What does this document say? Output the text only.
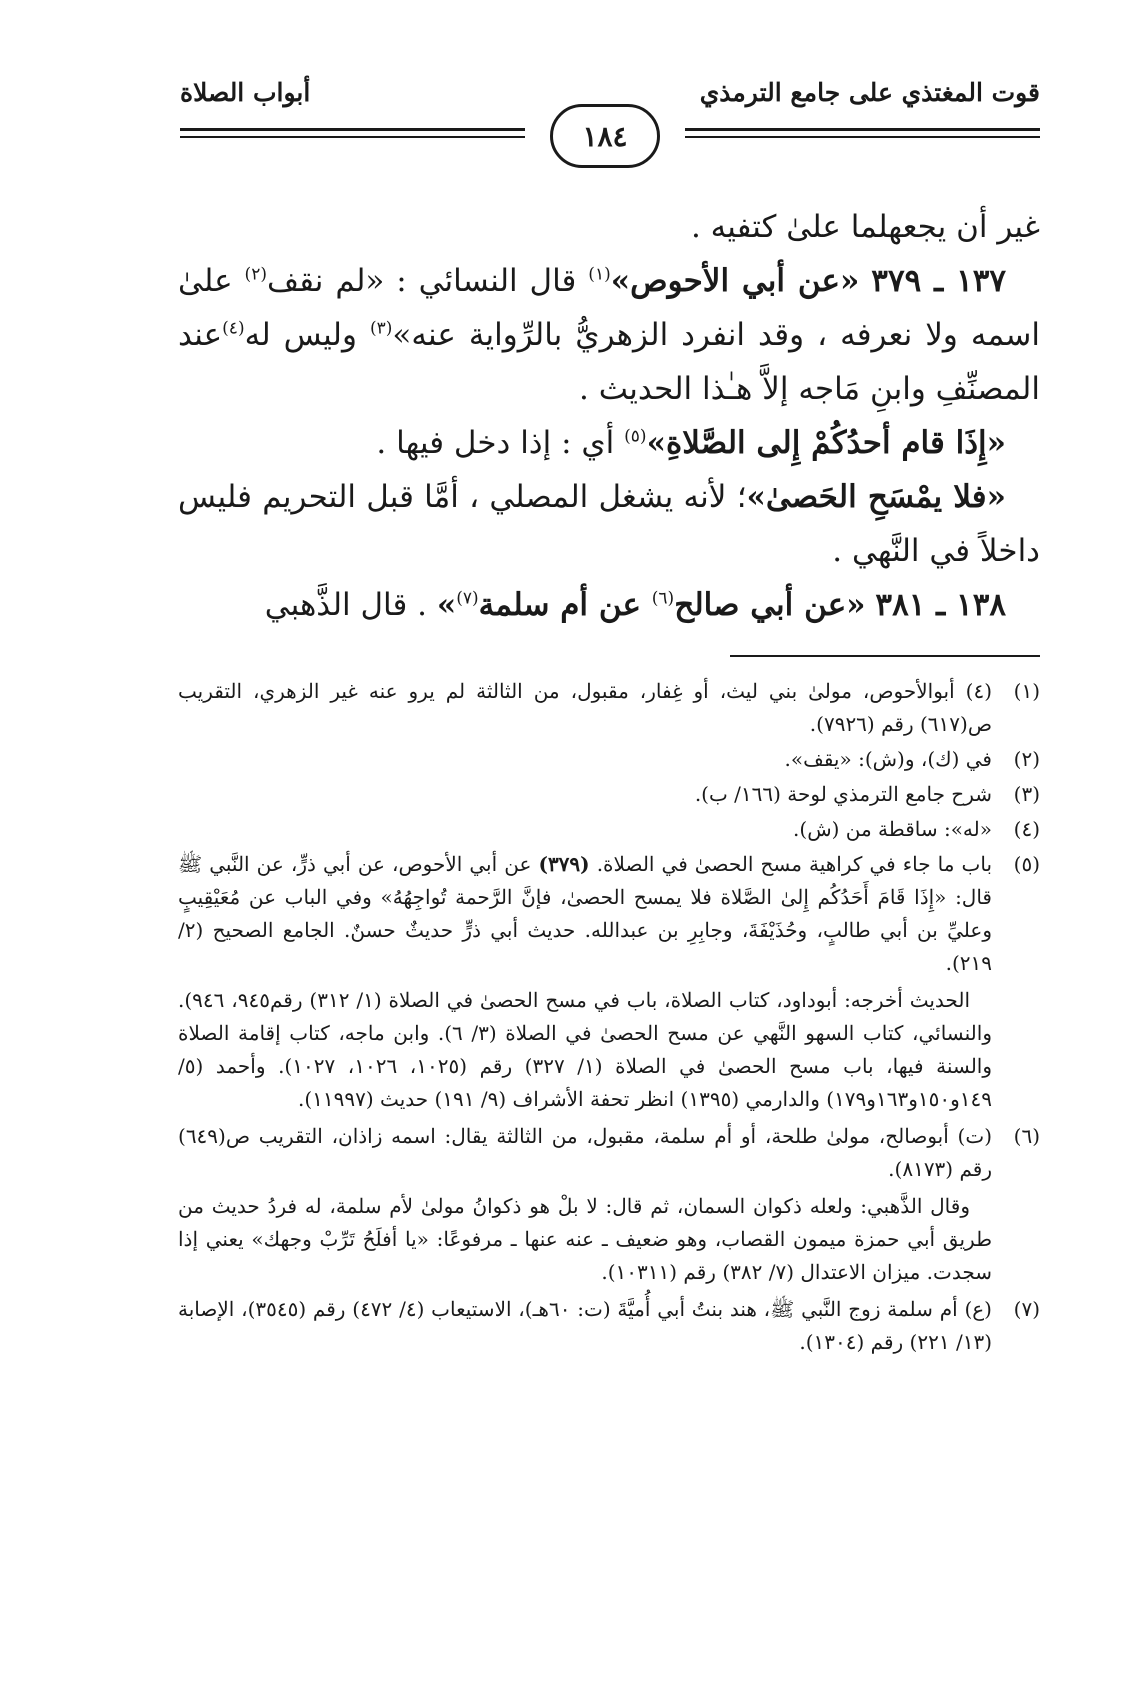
قوت المغتذي على جامع الترمذي
أبواب الصلاة
١٨٤

غير أن يجعهلما علىٰ كتفيه .

١٣٧ ـ ٣٧٩ «عن أبي الأحوص»$^{(١)}$ قال النسائي : «لم نقف$^{(٢)}$ علىٰ اسمه ولا نعرفه ، وقد انفرد الزهريُّ بالرِّواية عنه»$^{(٣)}$ وليس له$^{(٤)}$عند المصنِّفِ وابنِ مَاجه إلاَّ هـٰذا الحديث .

«إِذَا قام أحدُكُمْ إِلى الصَّلاةِ»$^{(٥)}$ أي : إذا دخل فيها .

«فلا يمْسَحِ الحَصىٰ»؛ لأنه يشغل المصلي ، أمَّا قبل التحريم فليس داخلاً في النَّهي .

١٣٨ ـ ٣٨١ «عن أبي صالح$^{(٦)}$ عن أم سلمة$^{(٧)}$» . قال الذَّهبي

(١)
(٤) أبوالأحوص، مولىٰ بني ليث، أو غِفار، مقبول، من الثالثة لم يرو عنه غير الزهري، التقريب ص(٦١٧) رقم (٧٩٢٦).
(٢)
في (ك)، و(ش): «يقف».
(٣)
شرح جامع الترمذي لوحة (١٦٦/ ب).
(٤)
«له»: ساقطة من (ش).
(٥)
باب ما جاء في كراهية مسح الحصىٰ في الصلاة. (٣٧٩) عن أبي الأحوص، عن أبي ذرٍّ، عن النَّبي ﷺ قال: «إِذَا قَامَ أَحَدُكُم إِلىٰ الصَّلاة فلا يمسح الحصىٰ، فإنَّ الرَّحمة تُواجِهُهُ» وفي الباب عن مُعَيْقِيبٍ وعليِّ بن أبي طالبٍ، وحُذَيْفَةَ، وجابِرِ بن عبدالله. حديث أبي ذرٍّ حديثٌ حسنٌ. الجامع الصحيح (٢/ ٢١٩).
الحديث أخرجه: أبوداود، كتاب الصلاة، باب في مسح الحصىٰ في الصلاة (١/ ٣١٢) رقم٩٤٥، ٩٤٦). والنسائي، كتاب السهو النَّهي عن مسح الحصىٰ في الصلاة (٣/ ٦). وابن ماجه، كتاب إقامة الصلاة والسنة فيها، باب مسح الحصىٰ في الصلاة (١/ ٣٢٧) رقم (١٠٢٥، ١٠٢٦، ١٠٢٧). وأحمد (٥/ ١٤٩و١٥٠و١٦٣و١٧٩) والدارمي (١٣٩٥) انظر تحفة الأشراف (٩/ ١٩١) حديث (١١٩٩٧).
(٦)
(ت) أبوصالح، مولىٰ طلحة، أو أم سلمة، مقبول، من الثالثة يقال: اسمه زاذان، التقريب ص(٦٤٩) رقم (٨١٧٣).
وقال الذَّهبي: ولعله ذكوان السمان، ثم قال: لا بلْ هو ذكوانُ مولىٰ لأم سلمة، له فردُ حديث من طريق أبي حمزة ميمون القصاب، وهو ضعيف ـ عنه عنها ـ مرفوعًا: «يا أفلَحُ تَرِّبْ وجهك» يعني إذا سجدت. ميزان الاعتدال (٧/ ٣٨٢) رقم (١٠٣١١).
(٧)
(ع) أم سلمة زوج النَّبي ﷺ، هند بنتُ أبي أُميَّةَ (ت: ٦٠هـ)، الاستيعاب (٤/ ٤٧٢) رقم (٣٥٤٥)، الإصابة (١٣/ ٢٢١) رقم (١٣٠٤).
